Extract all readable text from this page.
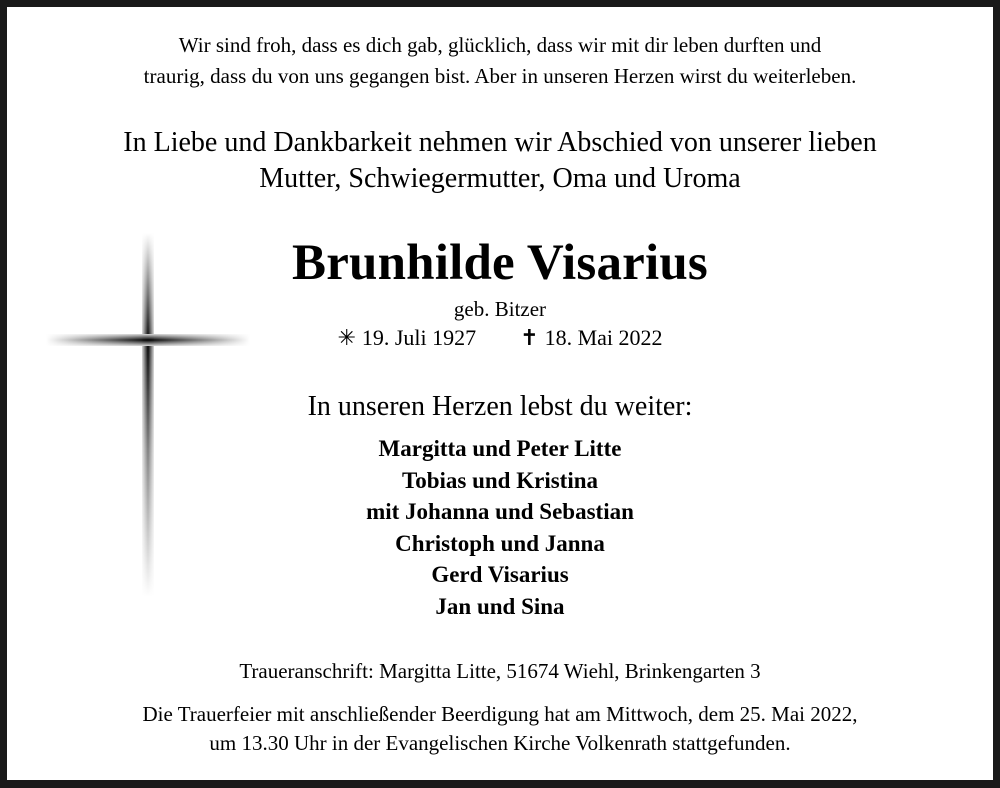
Wir sind froh, dass es dich gab, glücklich, dass wir mit dir leben durften und
traurig, dass du von uns gegangen bist. Aber in unseren Herzen wirst du weiterleben.
In Liebe und Dankbarkeit nehmen wir Abschied von unserer lieben
Mutter, Schwiegermutter, Oma und Uroma
Brunhilde Visarius
geb. Bitzer
✳ 19. Juli 1927 ✝ 18. Mai 2022
In unseren Herzen lebst du weiter:
Margitta und Peter Litte
Tobias und Kristina
mit Johanna und Sebastian
Christoph und Janna
Gerd Visarius
Jan und Sina
Traueranschrift: Margitta Litte, 51674 Wiehl, Brinkengarten 3
Die Trauerfeier mit anschließender Beerdigung hat am Mittwoch, dem 25. Mai 2022,
um 13.30 Uhr in der Evangelischen Kirche Volkenrath stattgefunden.
